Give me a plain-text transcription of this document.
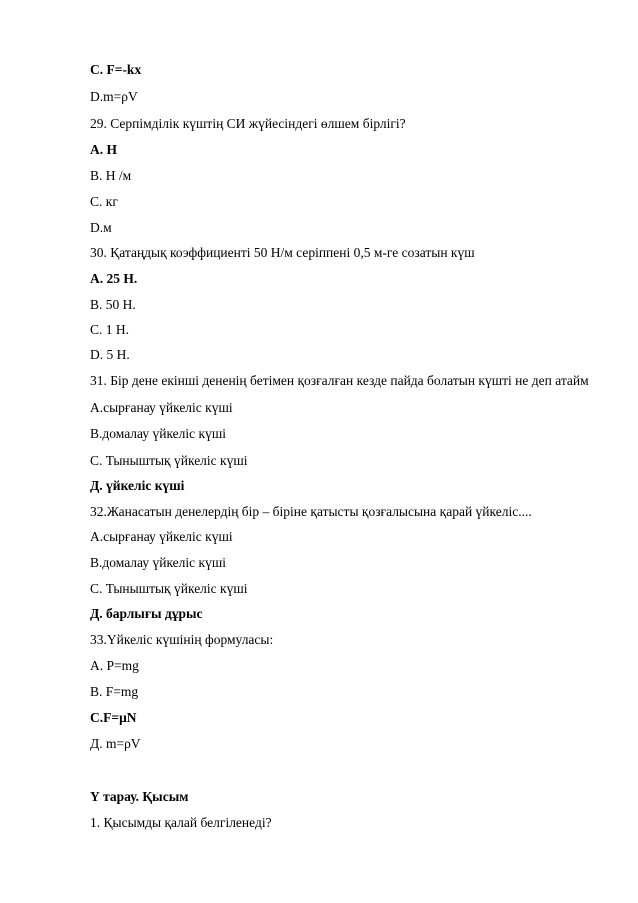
C. F=-kx
D.m=ρV
29. Серпімділік күштің СИ жүйесіндегі өлшем бірлігі?
А. Н
В. Н /м
С. кг
D.м
30. Қатаңдық коэффициенті 50 Н/м серіппені 0,5 м-ге созатын күш
А. 25 Н.
В. 50 Н.
С. 1 Н.
D. 5 Н.
31. Бір дене екінші дененің бетімен қозғалған кезде пайда болатын күшті не деп атайм
А.сырғанау үйкеліс күші
В.домалау үйкеліс күші
С. Тыныштық үйкеліс күші
Д. үйкеліс күші
32.Жанасатын денелердің бір – біріне қатысты қозғалысына қарай үйкеліс....
А.сырғанау үйкеліс күші
В.домалау үйкеліс күші
С. Тыныштық үйкеліс күші
Д. барлығы дұрыс
33.Үйкеліс күшінің формуласы:
А. P=mg
В. F=mg
С.F=μN
Д. m=ρV
Ү тарау. Қысым
1. Қысымды қалай белгіленеді?
